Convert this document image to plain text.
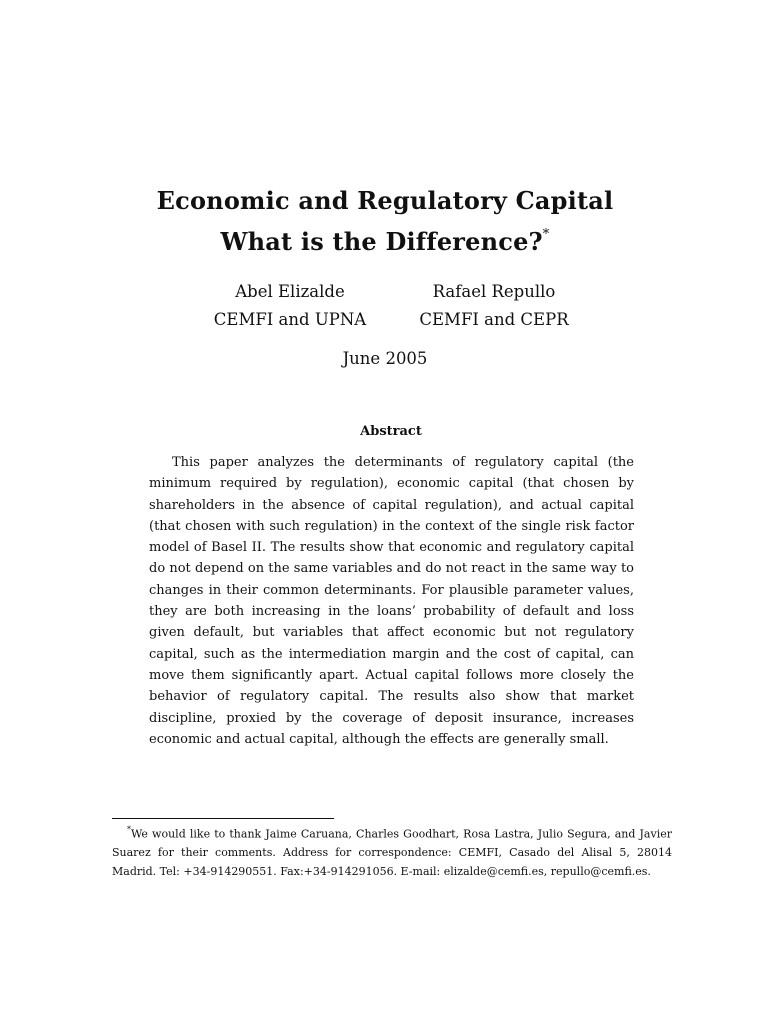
Economic and Regulatory Capital
What is the Difference?*
Abel Elizalde
CEMFI and UPNA
Rafael Repullo
CEMFI and CEPR
June 2005
Abstract
This paper analyzes the determinants of regulatory capital (the minimum required by regulation), economic capital (that chosen by shareholders in the absence of capital regulation), and actual capital (that chosen with such regulation) in the context of the single risk factor model of Basel II. The results show that economic and regulatory capital do not depend on the same variables and do not react in the same way to changes in their common determinants. For plausible parameter values, they are both increasing in the loans’ probability of default and loss given default, but variables that affect economic but not regulatory capital, such as the intermediation margin and the cost of capital, can move them significantly apart. Actual capital follows more closely the behavior of regulatory capital. The results also show that market discipline, proxied by the coverage of deposit insurance, increases economic and actual capital, although the effects are generally small.
*We would like to thank Jaime Caruana, Charles Goodhart, Rosa Lastra, Julio Segura, and Javier Suarez for their comments. Address for correspondence: CEMFI, Casado del Alisal 5, 28014 Madrid. Tel: +34-914290551. Fax:+34-914291056. E-mail: elizalde@cemfi.es, repullo@cemfi.es.
